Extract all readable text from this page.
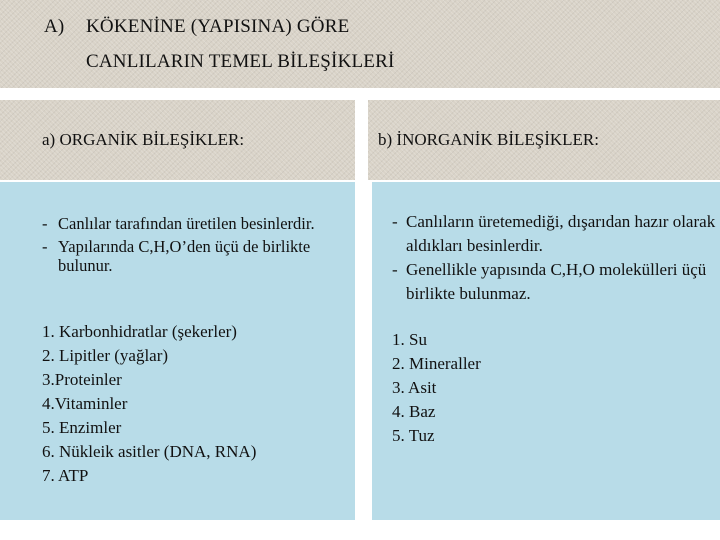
A) KÖKENİNE (YAPISINA) GÖRE
CANLILARIN TEMEL BİLEŞİKLERİ
a) ORGANİK BİLEŞİKLER:	b) İNORGANİK BİLEŞİKLER:
- Canlılar tarafından üretilen besinlerdir.
- Yapılarında C,H,O’den üçü de birlikte bulunur.
1. Karbonhidratlar (şekerler)
2. Lipitler (yağlar)
3.Proteinler
4.Vitaminler
5. Enzimler
6. Nükleik asitler (DNA, RNA)
7. ATP
- Canlıların üretemediği, dışarıdan hazır olarak aldıkları besinlerdir.
- Genellikle yapısında C,H,O molekülleri üçü birlikte bulunmaz.
1. Su
2. Mineraller
3. Asit
4. Baz
5. Tuz
